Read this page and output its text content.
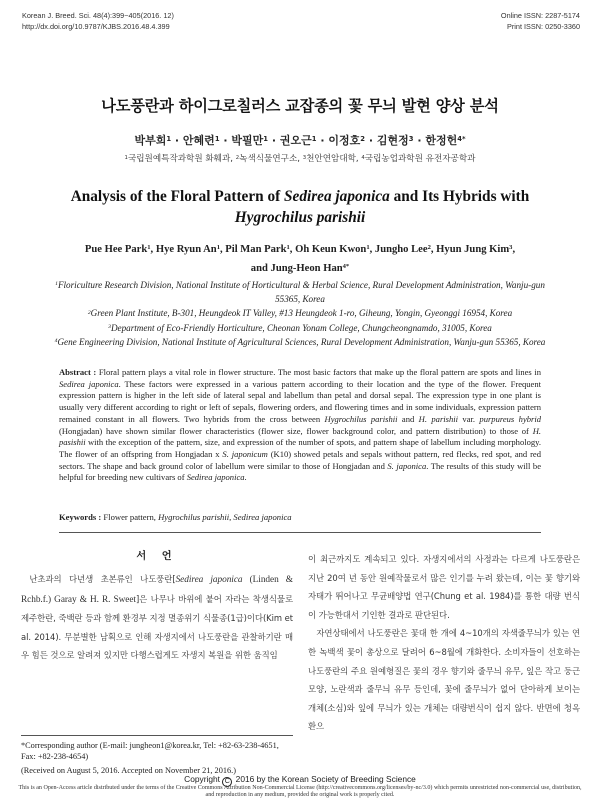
Korean J. Breed. Sci. 48(4):399~405(2016. 12)
http://dx.doi.org/10.9787/KJBS.2016.48.4.399
Online ISSN: 2287-5174
Print ISSN: 0250-3360
나도풍란과 하이그로칠러스 교잡종의 꽃 무늬 발현 양상 분석
박부희$^1$ · 안혜련$^1$ · 박필만$^1$ · 권오근$^1$ · 이정호$^2$ · 김현정$^3$ · 한정헌$^{4*}$
$^1$국립원예특작과학원 화훼과, $^2$녹색식물연구소, $^3$천안연암대학, $^4$국립농업과학원 유전자공학과
Analysis of the Floral Pattern of Sedirea japonica and Its Hybrids with
Hygrochilus parishii
Pue Hee Park$^1$, Hye Ryun An$^1$, Pil Man Park$^1$, Oh Keun Kwon$^1$, Jungho Lee$^2$, Hyun Jung Kim$^3$,
and Jung-Heon Han$^{4*}$
$^1$Floriculture Research Division, National Institute of Horticultural & Herbal Science, Rural Development Administration, Wanju-gun 55365, Korea
$^2$Green Plant Institute, B-301, Heungdeok IT Valley, #13 Heungdeok 1-ro, Giheung, Yongin, Gyeonggi 16954, Korea
$^3$Department of Eco-Friendly Horticulture, Cheonan Yonam College, Chungcheongnamdo, 31005, Korea
$^4$Gene Engineering Division, National Institute of Agricultural Sciences, Rural Development Administration, Wanju-gun 55365, Korea
Abstract : Floral pattern plays a vital role in flower structure. The most basic factors that make up the floral pattern are spots and lines in Sedirea japonica. These factors were expressed in a various pattern according to their location and the type of the flower. Frequent expression pattern is higher in the left side of lateral sepal and labellum than petal and dorsal sepal. The expression type in one plant is usually very different according to right or left of sepals, flowering orders, and flowering times and in some individuals, expression pattern remained constant in all flowers. Two hybrids from the cross between Hygrochilus parishii and H. parishii var. purpureus hybrid (Hongjadan) have shown similar flower characteristics (flower size, flower background color, and pattern distribution) to those of H. pasishii with the exception of the pattern, size, and expression of the number of spots, and pattern shape of labellum including morphology. The flower of an offspring from Hongjadan x S. japonicum (K10) showed petals and sepals without pattern, red flecks, red spot, and red sectors. The shape and back ground color of labellum were similar to those of Hongjadan and S. japonica. The results of this study will be helpful for breeding new cultivars of Sedirea japonica.
Keywords : Flower pattern, Hygrochilus parishii, Sedirea japonica
서 언

난초과의 다년생 초본류인 나도풍란[Sedirea japonica (Linden & Rchb.f.) Garay & H. R. Sweet]은 나무나 바위에 붙어 자라는 착생식물로 제주한란, 죽백란 등과 함께 환경부 지정 멸종위기 식물종(1급)이다(Kim et al. 2014). 무분별한 남획으로 인해 자생지에서 나도풍란을 관찰하기란 매우 힘든 것으로 알려져 있지만 다행스럽게도 자생지 복원을 위한 움직임

이 최근까지도 계속되고 있다. 자생지에서의 사정과는 다르게 나도풍란은 지난 20여 년 동안 원예작물로서 많은 인기를 누려 왔는데, 이는 꽃 향기와 자태가 뛰어나고 무균배양법 연구(Chung et al. 1984)를 통한 대량 번식이 가능한대서 기인한 결과로 판단된다.

자연상태에서 나도풍란은 꽃대 한 개에 4~10개의 자색줄무늬가 있는 연한 녹백색 꽃이 총상으로 달려어 6~8월에 개화한다. 소비자들이 선호하는 나도풍란의 주요 원예형질은 꽃의 경우 향기와 줄무늬 유무, 잎은 작고 둥근 모양, 노란색과 줄무늬 유무 등인데, 꽃에 줄무늬가 없어 단아하게 보이는 개체(소심)와 잎에 무늬가 있는 개체는 대량번식이 쉽지 않다. 반면에 청옥환으

*Corresponding author (E-mail: jungheon1@korea.kr, Tel: +82-63-238-4651, Fax: +82-238-4654)
(Received on August 5, 2016. Accepted on November 21, 2016.)
Copyright C 2016 by the Korean Society of Breeding Science
This is an Open-Access article distributed under the terms of the Creative Commons Attribution Non-Commercial License (http://creativecommons.org/licenses/by-nc/3.0) which permits unrestricted non-commercial use, distribution, and reproduction in any medium, provided the original work is properly cited.
